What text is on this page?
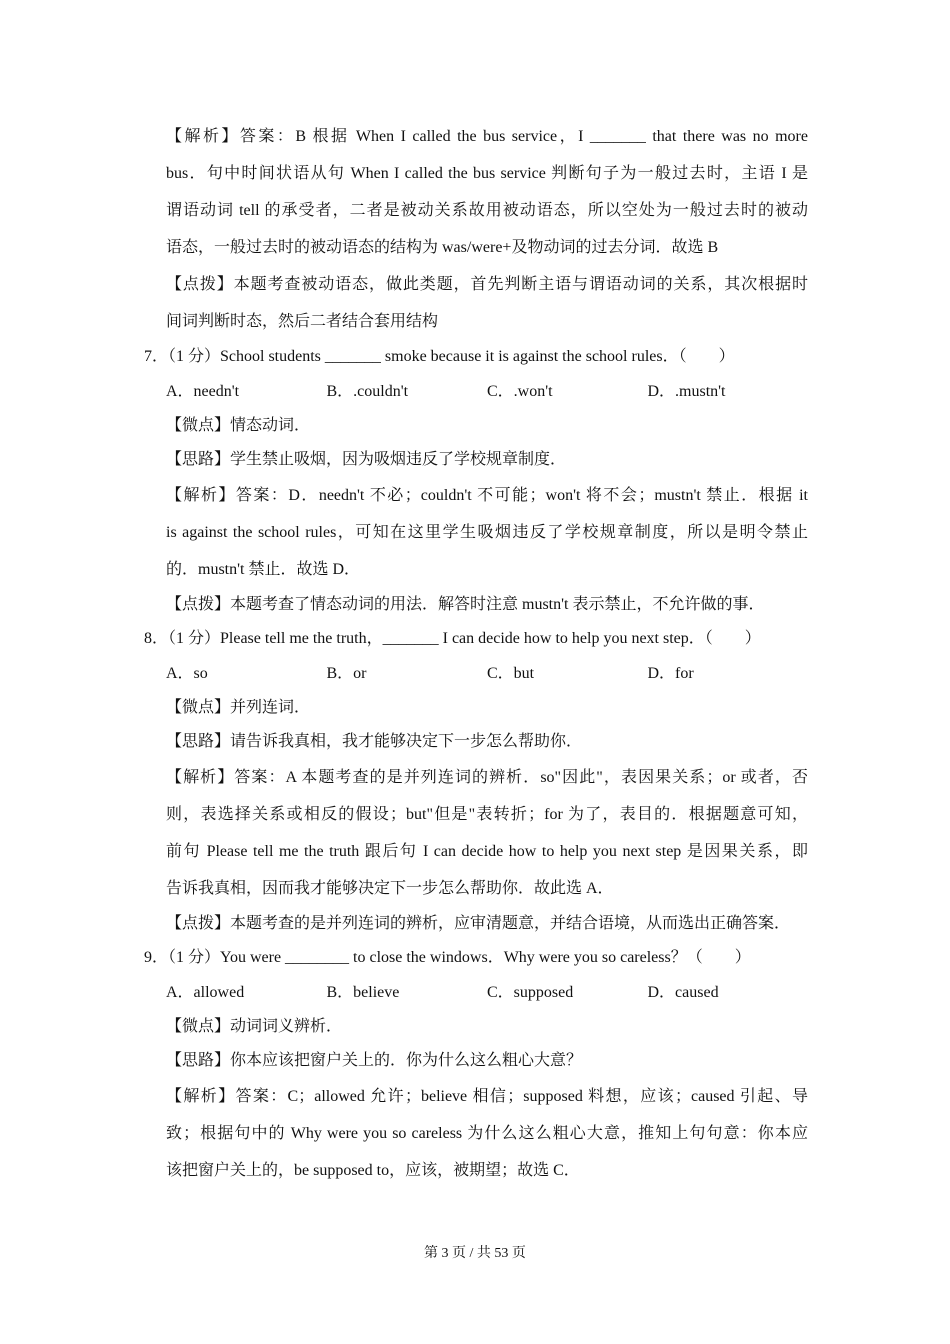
【解析】答案：B 根据 When I called the bus service，I _______ that there was no more
bus．句中时间状语从句 When I called the bus service 判断句子为一般过去时，主语 I 是
谓语动词 tell 的承受者，二者是被动关系故用被动语态，所以空处为一般过去时的被动
语态，一般过去时的被动语态的结构为 was/were+及物动词的过去分词．故选 B
【点拨】本题考查被动语态，做此类题，首先判断主语与谓语动词的关系，其次根据时
间词判断时态，然后二者结合套用结构
7．（1 分）School students _______ smoke because it is against the school rules．（　　）
A．needn't	B．.couldn't	C．.won't	D．.mustn't
【微点】情态动词．
【思路】学生禁止吸烟，因为吸烟违反了学校规章制度．
【解析】答案：D．needn't 不必；couldn't 不可能；won't 将不会；mustn't 禁止．根据 it
is against the school rules，可知在这里学生吸烟违反了学校规章制度，所以是明令禁止
的．mustn't 禁止．故选 D．
【点拨】本题考查了情态动词的用法．解答时注意 mustn't 表示禁止，不允许做的事．
8．（1 分）Please tell me the truth，_______ I can decide how to help you next step．（　　）
A．so	B．or	C．but	D．for
【微点】并列连词．
【思路】请告诉我真相，我才能够决定下一步怎么帮助你．
【解析】答案：A 本题考查的是并列连词的辨析．so"因此"，表因果关系；or 或者，否
则，表选择关系或相反的假设；but"但是"表转折；for 为了，表目的．根据题意可知，
前句 Please tell me the truth 跟后句 I can decide how to help you next step 是因果关系，即
告诉我真相，因而我才能够决定下一步怎么帮助你．故此选 A．
【点拨】本题考查的是并列连词的辨析，应审清题意，并结合语境，从而选出正确答案．
9．（1 分）You were ________ to close the windows．Why were you so careless？（　　）
A．allowed	B．believe	C．supposed	D．caused
【微点】动词词义辨析．
【思路】你本应该把窗户关上的．你为什么这么粗心大意？
【解析】答案：C；allowed 允许；believe 相信；supposed 料想，应该；caused 引起、导
致；根据句中的 Why were you so careless 为什么这么粗心大意，推知上句句意：你本应
该把窗户关上的，be supposed to，应该，被期望；故选 C．
第 3 页 / 共 53 页
